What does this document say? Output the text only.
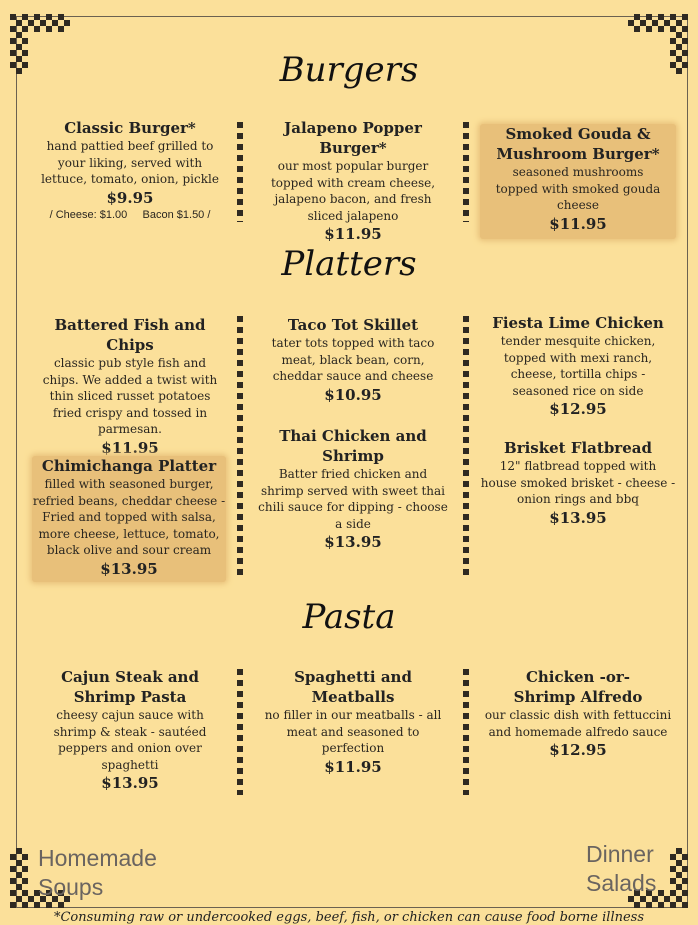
Burgers
Platters
Pasta
Classic Burger*
hand pattied beef grilled to your liking, served with lettuce, tomato, onion, pickle
$9.95
/ Cheese: $1.00     Bacon $1.50 /
Jalapeno Popper Burger*
our most popular burger topped with cream cheese, jalapeno bacon, and fresh sliced jalapeno
$11.95
Smoked Gouda & Mushroom Burger*
seasoned mushrooms topped with smoked gouda cheese
$11.95
Battered Fish and Chips
classic pub style fish and chips. We added a twist with thin sliced russet potatoes fried crispy and tossed in parmesan.
$11.95
Chimichanga Platter
filled with seasoned burger, refried beans, cheddar cheese - Fried and topped with salsa, more cheese, lettuce, tomato, black olive and sour cream
$13.95
Taco Tot Skillet
tater tots topped with taco meat, black bean, corn, cheddar sauce and cheese
$10.95
Thai Chicken and Shrimp
Batter fried chicken and shrimp served with sweet thai chili sauce for dipping - choose a side
$13.95
Fiesta Lime Chicken
tender mesquite chicken, topped with mexi ranch, cheese, tortilla chips - seasoned rice on side
$12.95
Brisket Flatbread
12" flatbread topped with house smoked brisket - cheese - onion rings and bbq
$13.95
Cajun Steak and Shrimp Pasta
cheesy cajun sauce with shrimp & steak - sautéed peppers and onion over spaghetti
$13.95
Spaghetti and Meatballs
no filler in our meatballs - all meat and seasoned to perfection
$11.95
Chicken -or- Shrimp Alfredo
our classic dish with fettuccini and homemade alfredo sauce
$12.95
Homemade
Soups
Dinner
Salads
*Consuming raw or undercooked eggs, beef, fish, or chicken can cause food borne illness
